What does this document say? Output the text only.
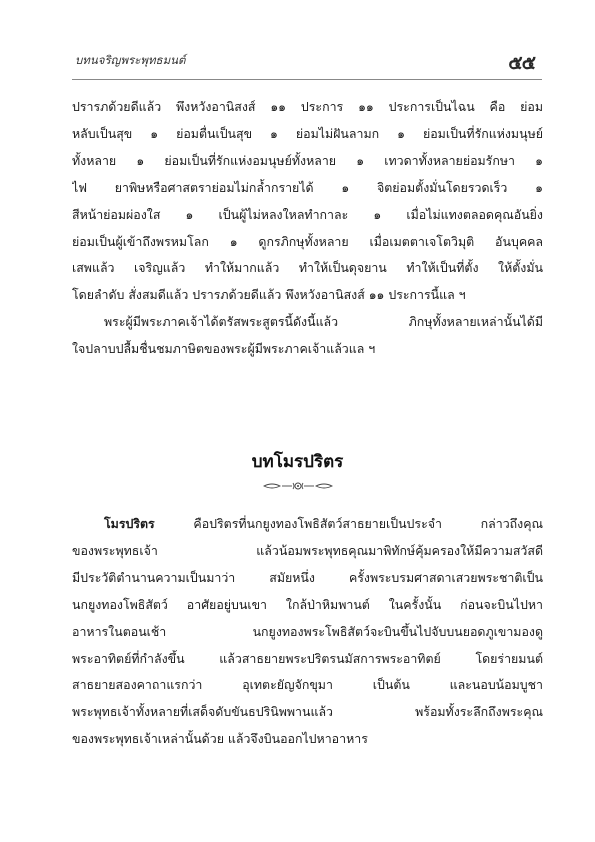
บทนจริญพระพุทธมนต์	๕๕
ปรารภด้วยดีแล้ว พึงหวังอานิสงส์ ๑๑ ประการ ๑๑ ประการเป็นไฉน คือ ย่อม
หลับเป็นสุข ๑ ย่อมตื่นเป็นสุข ๑ ย่อมไม่ฝันลามก ๑ ย่อมเป็นที่รักแห่งมนุษย์
ทั้งหลาย ๑ ย่อมเป็นที่รักแห่งอมนุษย์ทั้งหลาย ๑ เทวดาทั้งหลายย่อมรักษา ๑
ไฟ ยาพิษหรือศาสตราย่อมไม่กล้ำกรายได้ ๑ จิตย่อมตั้งมั่นโดยรวดเร็ว ๑
สีหน้าย่อมผ่องใส ๑ เป็นผู้ไม่หลงใหลทำกาละ ๑ เมื่อไม่แทงตลอดคุณอันยิ่ง
ย่อมเป็นผู้เข้าถึงพรหมโลก ๑ ดูกรภิกษุทั้งหลาย เมื่อเมตตาเจโตวิมุติ อันบุคคล
เสพแล้ว เจริญแล้ว ทำให้มากแล้ว ทำให้เป็นดุจยาน ทำให้เป็นที่ตั้ง ให้ตั้งมั่น
โดยลำดับ สั่งสมดีแล้ว ปรารภด้วยดีแล้ว พึงหวังอานิสงส์ ๑๑ ประการนี้แล ฯ
พระผู้มีพระภาคเจ้าได้ตรัสพระสูตรนี้ดังนี้แล้ว ภิกษุทั้งหลายเหล่านั้นได้มี
ใจปลาบปลื้มชื่นชมภาษิตของพระผู้มีพระภาคเจ้าแล้วแล ฯ
บทโมรปริตร
โมรปริตร คือปริตรที่นกยูงทองโพธิสัตว์สาธยายเป็นประจำ กล่าวถึงคุณ
ของพระพุทธเจ้า แล้วน้อมพระพุทธคุณมาพิทักษ์คุ้มครองให้มีความสวัสดี
มีประวัติตำนานความเป็นมาว่า สมัยหนึ่ง ครั้งพระบรมศาสดาเสวยพระชาติเป็น
นกยูงทองโพธิสัตว์ อาศัยอยู่บนเขา ใกล้ป่าหิมพานต์ ในครั้งนั้น ก่อนจะบินไปหา
อาหารในตอนเช้า นกยูงทองพระโพธิสัตว์จะบินขึ้นไปจับบนยอดภูเขามองดู
พระอาทิตย์ที่กำลังขึ้น แล้วสาธยายพระปริตรนมัสการพระอาทิตย์ โดยร่ายมนต์
สาธยายสองคาถาแรกว่า อุเทตะยัญจักขุมา เป็นต้น และนอบน้อมบูชา
พระพุทธเจ้าทั้งหลายที่เสด็จดับขันธปรินิพพานแล้ว พร้อมทั้งระลึกถึงพระคุณ
ของพระพุทธเจ้าเหล่านั้นด้วย แล้วจึงบินออกไปหาอาหาร
